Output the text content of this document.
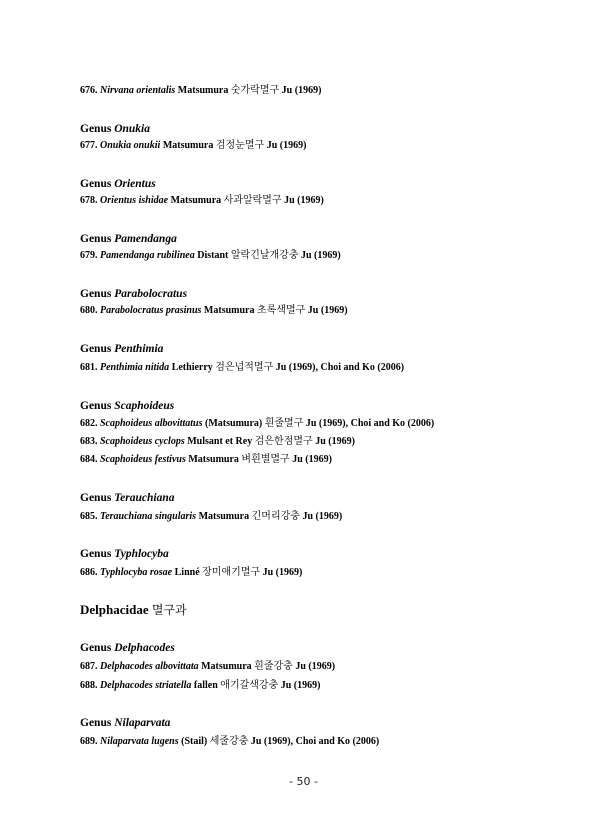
676. Nirvana orientalis Matsumura 숫가락멸구 Ju (1969)
Genus Onukia
677. Onukia onukii Matsumura 검정눈멸구 Ju (1969)
Genus Orientus
678. Orientus ishidae Matsumura 사과알락멸구 Ju (1969)
Genus Pamendanga
679. Pamendanga rubilinea Distant 알락긴날개강충 Ju (1969)
Genus Parabolocratus
680. Parabolocratus prasinus Matsumura 초록색멸구 Ju (1969)
Genus Penthimia
681. Penthimia nitida Lethierry 검은넙적멸구 Ju (1969), Choi and Ko (2006)
Genus Scaphoideus
682. Scaphoideus albovittatus (Matsumura) 흰줄멸구 Ju (1969), Choi and Ko (2006)
683. Scaphoideus cyclops Mulsant et Rey 검은한점멸구 Ju (1969)
684. Scaphoideus festivus Matsumura 벼흰별멸구 Ju (1969)
Genus Terauchiana
685. Terauchiana singularis Matsumura 긴머리강충 Ju (1969)
Genus Typhlocyba
686. Typhlocyba rosae Linné 장미애기멸구 Ju (1969)
Delphacidae 멸구과
Genus Delphacodes
687. Delphacodes albovittata Matsumura 흰줄강충 Ju (1969)
688. Delphacodes striatella fallen 애기갈색강충 Ju (1969)
Genus Nilaparvata
689. Nilaparvata lugens (Stail) 세줄강충 Ju (1969), Choi and Ko (2006)
- 50 -
